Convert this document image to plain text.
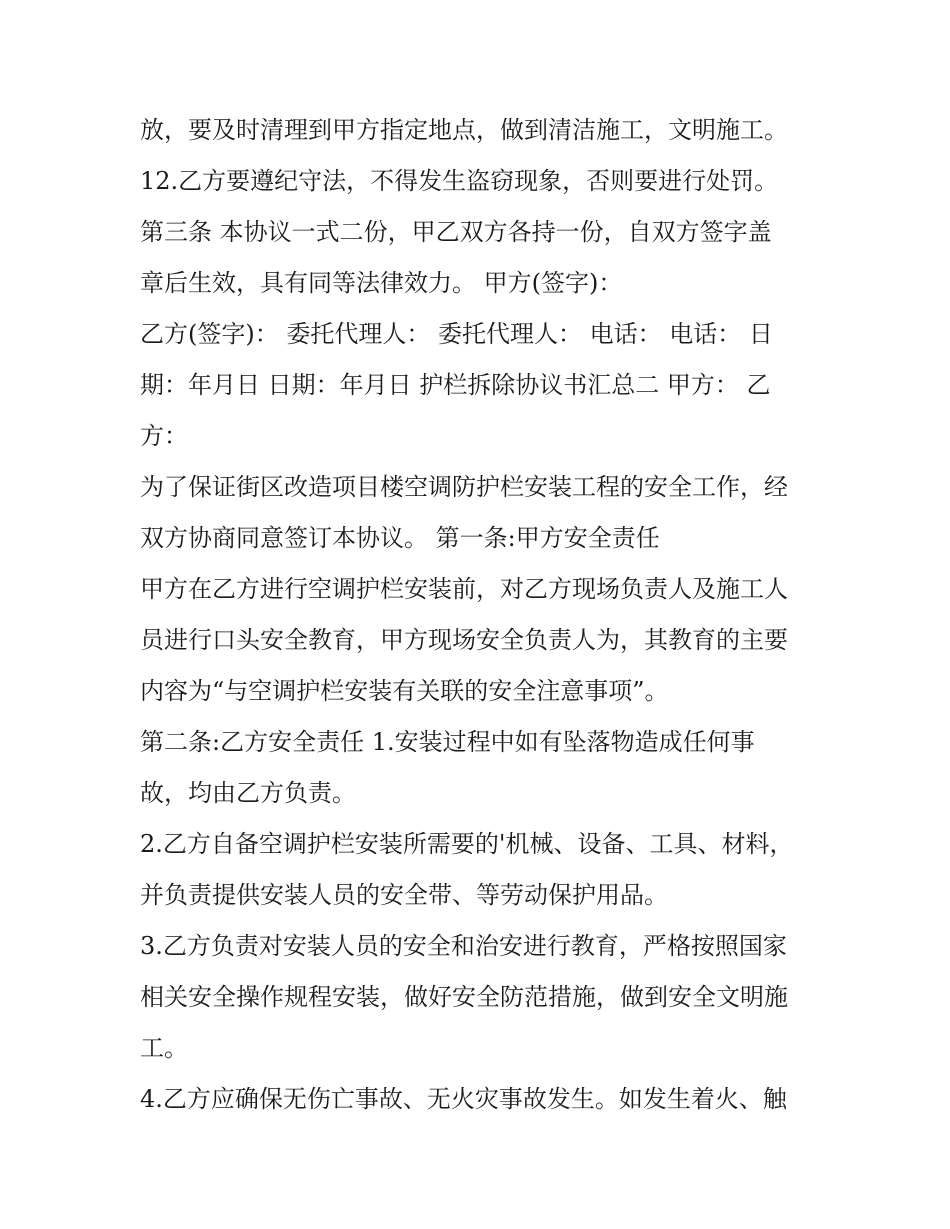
放，要及时清理到甲方指定地点，做到清洁施工，文明施工。
12.乙方要遵纪守法，不得发生盗窃现象，否则要进行处罚。
第三条 本协议一式二份，甲乙双方各持一份，自双方签字盖
章后生效，具有同等法律效力。 甲方(签字)：
乙方(签字)： 委托代理人： 委托代理人： 电话： 电话： 日
期：年月日 日期：年月日 护栏拆除协议书汇总二 甲方： 乙
方：
为了保证街区改造项目楼空调防护栏安装工程的安全工作，经
双方协商同意签订本协议。 第一条:甲方安全责任
甲方在乙方进行空调护栏安装前，对乙方现场负责人及施工人
员进行口头安全教育，甲方现场安全负责人为，其教育的主要
内容为“与空调护栏安装有关联的安全注意事项”。
第二条:乙方安全责任 1.安装过程中如有坠落物造成任何事
故，均由乙方负责。
2.乙方自备空调护栏安装所需要的'机械、设备、工具、材料，
并负责提供安装人员的安全带、等劳动保护用品。
3.乙方负责对安装人员的安全和治安进行教育，严格按照国家
相关安全操作规程安装，做好安全防范措施，做到安全文明施
工。
4.乙方应确保无伤亡事故、无火灾事故发生。如发生着火、触
